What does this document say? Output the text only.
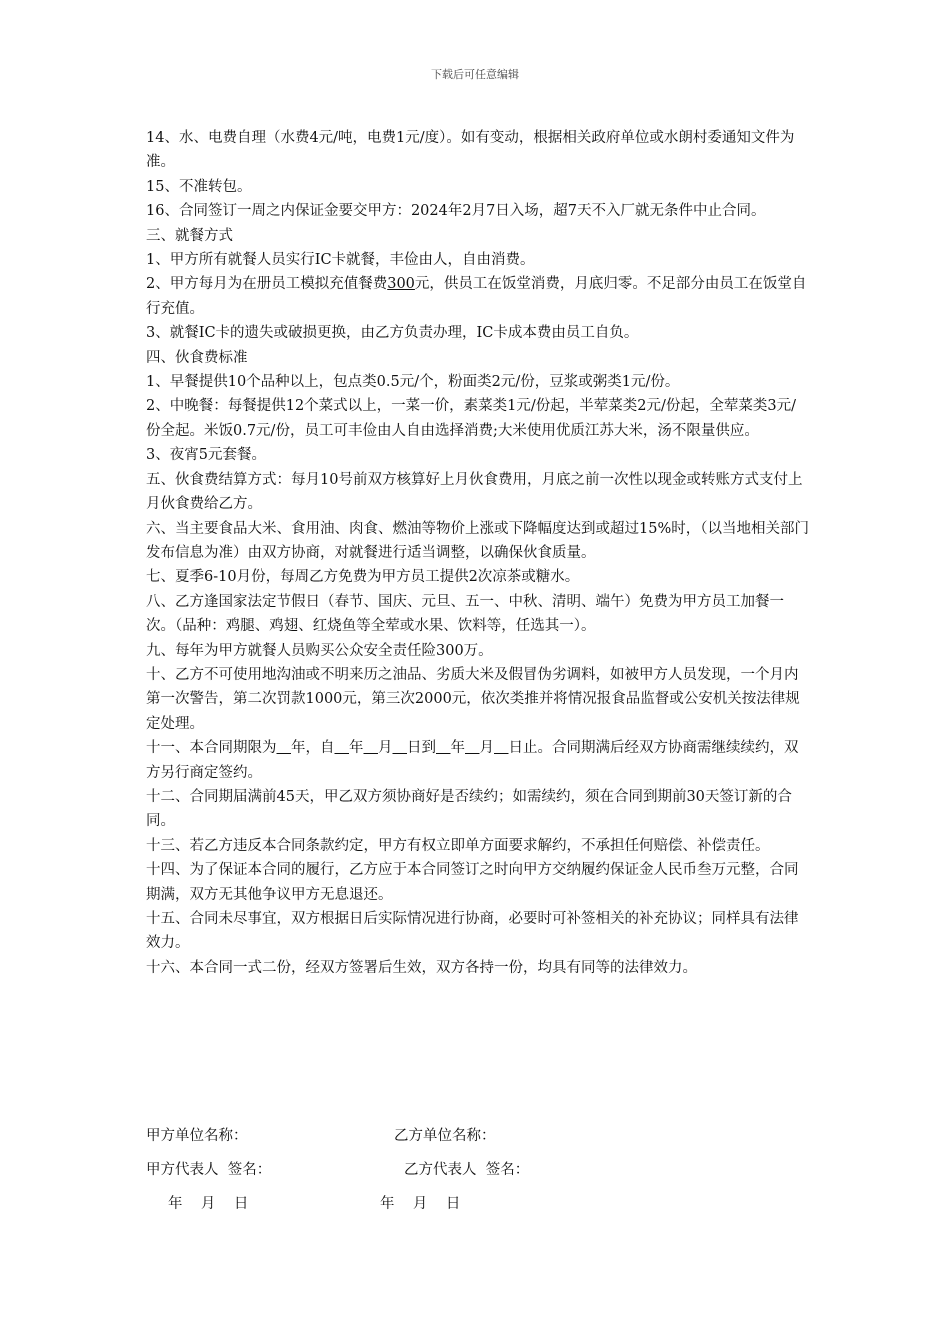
下载后可任意编辑

14、水、电费自理（水费4元/吨，电费1元/度）。如有变动，根据相关政府单位或水朗村委通知文件为准。

15、不准转包。

16、合同签订一周之内保证金要交甲方：2024年2月7日入场，超7天不入厂就无条件中止合同。

三、就餐方式

1、甲方所有就餐人员实行IC卡就餐，丰俭由人，自由消费。

2、甲方每月为在册员工模拟充值餐费300元，供员工在饭堂消费，月底归零。不足部分由员工在饭堂自行充值。

3、就餐IC卡的遗失或破损更换，由乙方负责办理，IC卡成本费由员工自负。

四、伙食费标准

1、早餐提供10个品种以上，包点类0.5元/个，粉面类2元/份，豆浆或粥类1元/份。

2、中晚餐：每餐提供12个菜式以上，一菜一价，素菜类1元/份起，半荤菜类2元/份起，全荤菜类3元/份全起。米饭0.7元/份，员工可丰俭由人自由选择消费;大米使用优质江苏大米，汤不限量供应。

3、夜宵5元套餐。

五、伙食费结算方式：每月10号前双方核算好上月伙食费用，月底之前一次性以现金或转账方式支付上月伙食费给乙方。

六、当主要食品大米、食用油、肉食、燃油等物价上涨或下降幅度达到或超过15%时，（以当地相关部门发布信息为准）由双方协商，对就餐进行适当调整，以确保伙食质量。

七、夏季6-10月份，每周乙方免费为甲方员工提供2次凉茶或糖水。

八、乙方逢国家法定节假日（春节、国庆、元旦、五一、中秋、清明、端午）免费为甲方员工加餐一次。（品种：鸡腿、鸡翅、红烧鱼等全荤或水果、饮料等，任选其一）。

九、每年为甲方就餐人员购买公众安全责任险300万。

十、乙方不可使用地沟油或不明来历之油品、劣质大米及假冒伪劣调料，如被甲方人员发现，一个月内第一次警告，第二次罚款1000元，第三次2000元，依次类推并将情况报食品监督或公安机关按法律规定处理。

十一、本合同期限为  年，自  年  月  日到  年  月  日止。合同期满后经双方协商需继续续约，双方另行商定签约。

十二、合同期届满前45天，甲乙双方须协商好是否续约；如需续约，须在合同到期前30天签订新的合同。

十三、若乙方违反本合同条款约定，甲方有权立即单方面要求解约，不承担任何赔偿、补偿责任。

十四、为了保证本合同的履行，乙方应于本合同签订之时向甲方交纳履约保证金人民币叁万元整，合同期满，双方无其他争议甲方无息退还。

十五、合同未尽事宜，双方根据日后实际情况进行协商，必要时可补签相关的补充协议；同样具有法律效力。

十六、本合同一式二份，经双方签署后生效，双方各持一份，均具有同等的法律效力。

甲方单位名称：	乙方单位名称：
甲方代表人  签名：	乙方代表人  签名：
年    月    日	年    月    日
